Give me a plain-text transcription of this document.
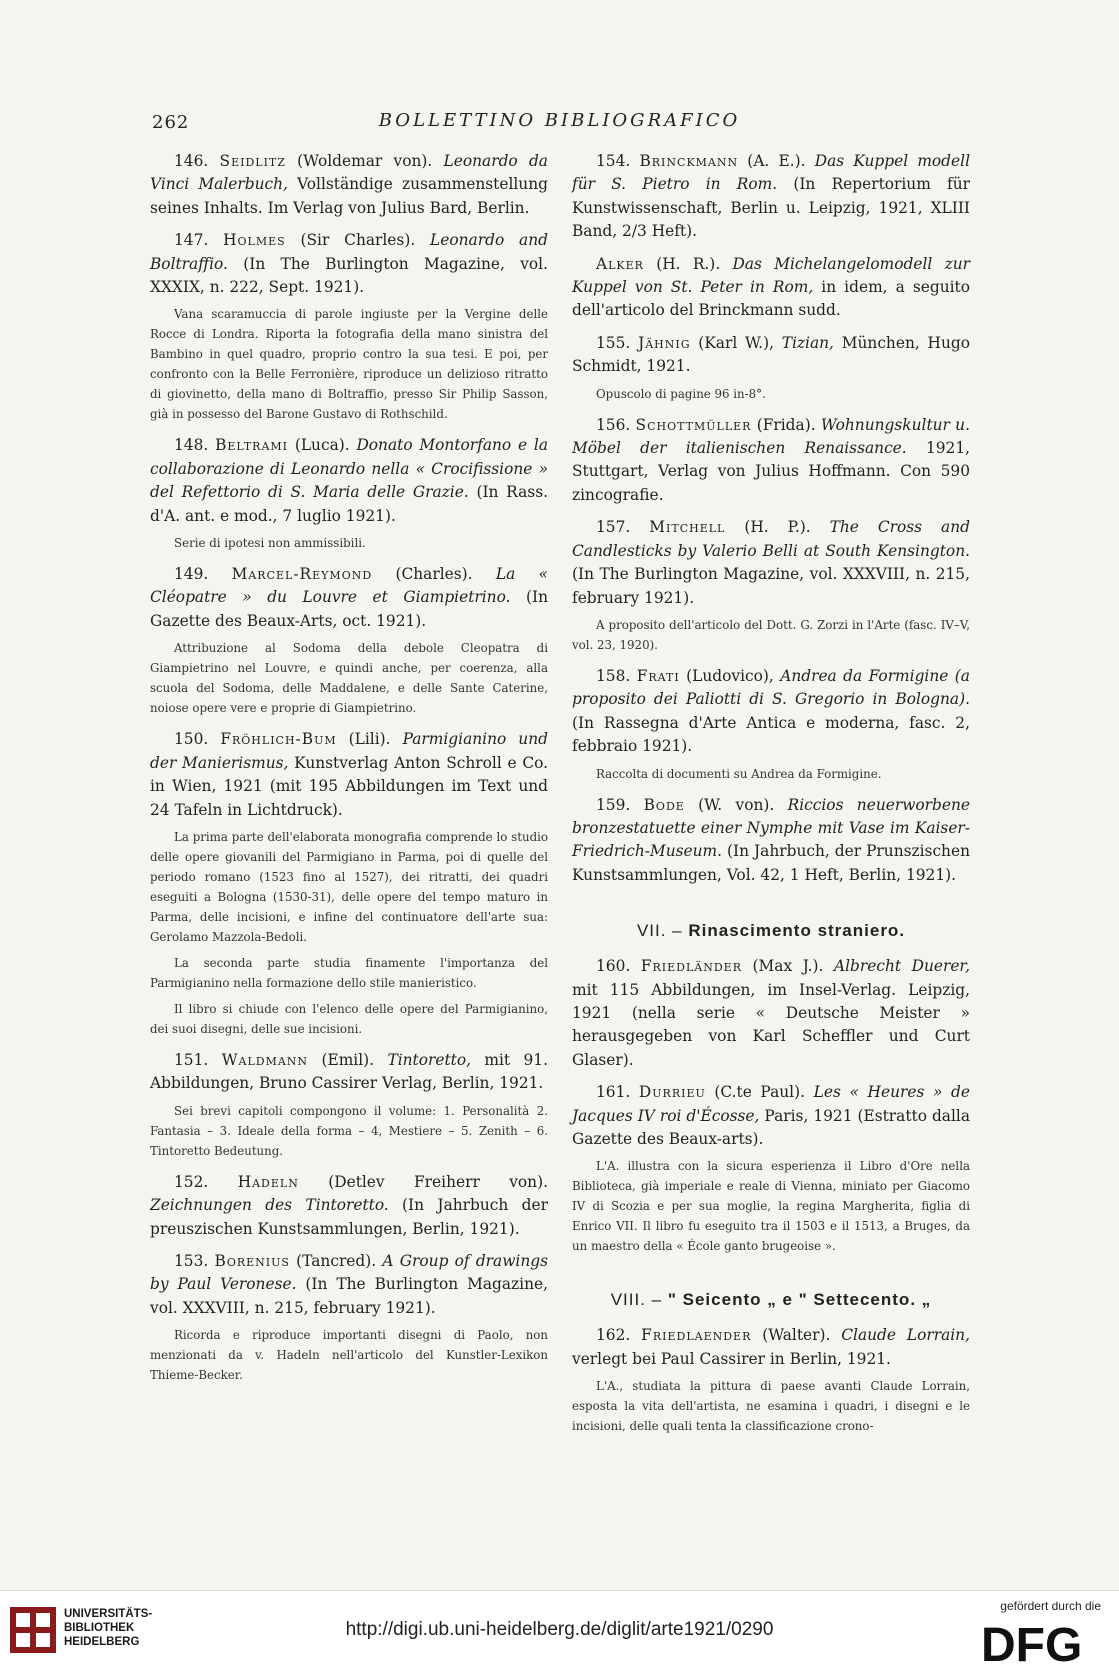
262	BOLLETTINO BIBLIOGRAFICO

146. Seidlitz (Woldemar von). Leonardo da Vinci Malerbuch, Vollständige zusammenstellung seines Inhalts. Im Verlag von Julius Bard, Berlin.

147. Holmes (Sir Charles). Leonardo and Boltraffio. (In The Burlington Magazine, vol. XXXIX, n. 222, Sept. 1921).

Vana scaramuccia di parole ingiuste per la Vergine delle Rocce di Londra. Riporta la fotografia della mano sinistra del Bambino in quel quadro, proprio contro la sua tesi. E poi, per confronto con la Belle Ferronière, riproduce un delizioso ritratto di giovinetto, della mano di Boltraffio, presso Sir Philip Sasson, già in possesso del Barone Gustavo di Rothschild.

148. Beltrami (Luca). Donato Montorfano e la collaborazione di Leonardo nella « Crocifissione » del Refettorio di S. Maria delle Grazie. (In Rass. d'A. ant. e mod., 7 luglio 1921).

Serie di ipotesi non ammissibili.

149. Marcel-Reymond (Charles). La « Cléopatre » du Louvre et Giampietrino. (In Gazette des Beaux-Arts, oct. 1921).

Attribuzione al Sodoma della debole Cleopatra di Giampietrino nel Louvre, e quindi anche, per coerenza, alla scuola del Sodoma, delle Maddalene, e delle Sante Caterine, noiose opere vere e proprie di Giampietrino.

150. Fröhlich-Bum (Lili). Parmigianino und der Manierismus, Kunstverlag Anton Schroll e Co. in Wien, 1921 (mit 195 Abbildungen im Text und 24 Tafeln in Lichtdruck).

La prima parte dell'elaborata monografia comprende lo studio delle opere giovanili del Parmigiano in Parma, poi di quelle del periodo romano (1523 fino al 1527), dei ritratti, dei quadri eseguiti a Bologna (1530-31), delle opere del tempo maturo in Parma, delle incisioni, e infine del continuatore dell'arte sua: Gerolamo Mazzola-Bedoli.

La seconda parte studia finamente l'importanza del Parmigianino nella formazione dello stile manieristico.

Il libro si chiude con l'elenco delle opere del Parmigianino, dei suoi disegni, delle sue incisioni.

151. Waldmann (Emil). Tintoretto, mit 91. Abbildungen, Bruno Cassirer Verlag, Berlin, 1921.

Sei brevi capitoli compongono il volume: 1. Personalità 2. Fantasia – 3. Ideale della forma – 4, Mestiere – 5. Zenith – 6. Tintoretto Bedeutung.

152. Hadeln (Detlev Freiherr von). Zeichnungen des Tintoretto. (In Jahrbuch der preuszischen Kunstsammlungen, Berlin, 1921).

153. Borenius (Tancred). A Group of drawings by Paul Veronese. (In The Burlington Magazine, vol. XXXVIII, n. 215, february 1921).

Ricorda e riproduce importanti disegni di Paolo, non menzionati da v. Hadeln nell'articolo del Kunstler-Lexikon Thieme-Becker.

154. Brinckmann (A. E.). Das Kuppel modell für S. Pietro in Rom. (In Repertorium für Kunstwissenschaft, Berlin u. Leipzig, 1921, XLIII Band, 2/3 Heft).

Alker (H. R.). Das Michelangelomodell zur Kuppel von St. Peter in Rom, in idem, a seguito dell'articolo del Brinckmann sudd.

155. Jähnig (Karl W.), Tizian, München, Hugo Schmidt, 1921.

Opuscolo di pagine 96 in-8°.

156. Schottmüller (Frida). Wohnungskultur u. Möbel der italienischen Renaissance. 1921, Stuttgart, Verlag von Julius Hoffmann. Con 590 zincografie.

157. Mitchell (H. P.). The Cross and Candlesticks by Valerio Belli at South Kensington. (In The Burlington Magazine, vol. XXXVIII, n. 215, february 1921).

A proposito dell'articolo del Dott. G. Zorzi in l'Arte (fasc. IV–V, vol. 23, 1920).

158. Frati (Ludovico), Andrea da Formigine (a proposito dei Paliotti di S. Gregorio in Bologna). (In Rassegna d'Arte Antica e moderna, fasc. 2, febbraio 1921).

Raccolta di documenti su Andrea da Formigine.

159. Bode (W. von). Riccios neuerworbene bronzestatuette einer Nymphe mit Vase im Kaiser-Friedrich-Museum. (In Jahrbuch, der Prunszischen Kunstsammlungen, Vol. 42, 1 Heft, Berlin, 1921).

VII. – Rinascimento straniero.

160. Friedländer (Max J.). Albrecht Duerer, mit 115 Abbildungen, im Insel-Verlag. Leipzig, 1921 (nella serie « Deutsche Meister » herausgegeben von Karl Scheffler und Curt Glaser).

161. Durrieu (C.te Paul). Les « Heures » de Jacques IV roi d'Écosse, Paris, 1921 (Estratto dalla Gazette des Beaux-arts).

L'A. illustra con la sicura esperienza il Libro d'Ore nella Biblioteca, già imperiale e reale di Vienna, miniato per Giacomo IV di Scozia e per sua moglie, la regina Margherita, figlia di Enrico VII. Il libro fu eseguito tra il 1503 e il 1513, a Bruges, da un maestro della « École ganto brugeoise ».

VIII. – " Seicento „ e " Settecento. „

162. Friedlaender (Walter). Claude Lorrain, verlegt bei Paul Cassirer in Berlin, 1921.

L'A., studiata la pittura di paese avanti Claude Lorrain, esposta la vita dell'artista, ne esamina i quadri, i disegni e le incisioni, delle quali tenta la classificazione crono-

UNIVERSITÄTS-
BIBLIOTHEK
HEIDELBERG
http://digi.ub.uni-heidelberg.de/diglit/arte1921/0290
gefördert durch die
DFG
